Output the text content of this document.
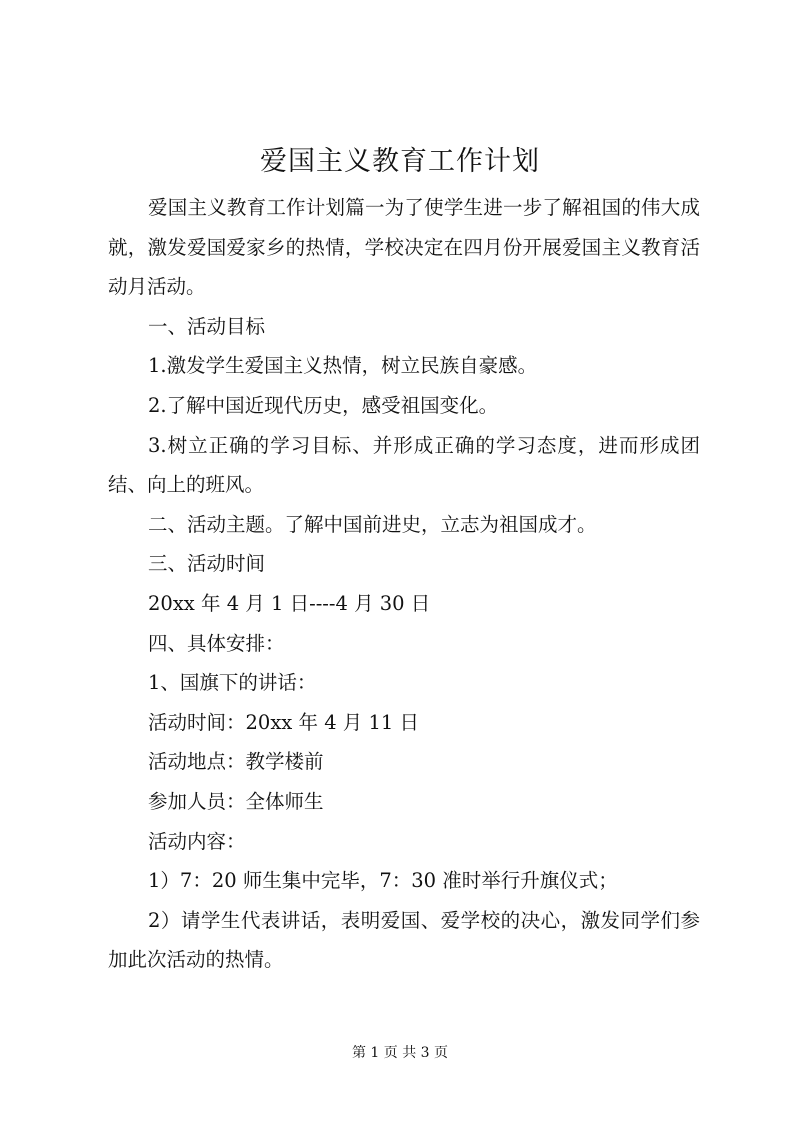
爱国主义教育工作计划

爱国主义教育工作计划篇一为了使学生进一步了解祖国的伟大成就，激发爱国爱家乡的热情，学校决定在四月份开展爱国主义教育活动月活动。

一、活动目标

1.激发学生爱国主义热情，树立民族自豪感。

2.了解中国近现代历史，感受祖国变化。

3.树立正确的学习目标、并形成正确的学习态度，进而形成团结、向上的班风。

二、活动主题。了解中国前进史，立志为祖国成才。

三、活动时间

20xx 年 4 月 1 日----4 月 30 日

四、具体安排：

1、国旗下的讲话：

活动时间：20xx 年 4 月 11 日

活动地点：教学楼前

参加人员：全体师生

活动内容：

1）7：20 师生集中完毕，7：30 准时举行升旗仪式；

2）请学生代表讲话，表明爱国、爱学校的决心，激发同学们参加此次活动的热情。

第 1 页 共 3 页
